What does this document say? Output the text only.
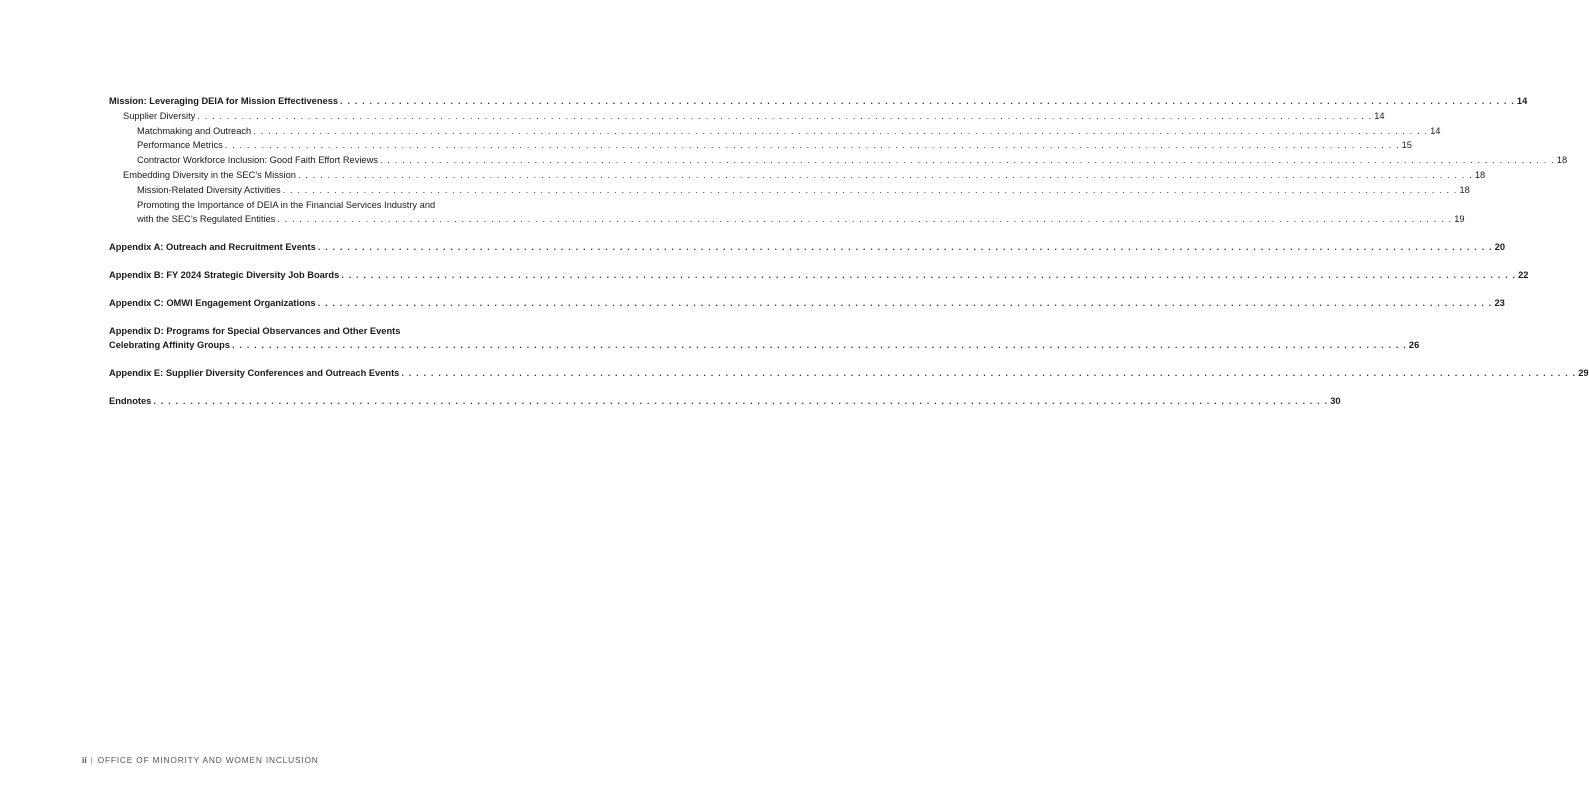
Mission: Leveraging DEIA for Mission Effectiveness . . . . . . . . . . . . . . . . . . . . . . . . . . . . . . . . . . . . . . . . . . . . . . . . . . . . . . . . . . . . . . . . . . . . . . . . . . . . . . . . . . . . . . . . . . . . . . . . . . . . . . . . . . . . . . . . . . . . . . . . . . . . . . . . . . . . . . . . . . . . . . . . . . . . . . . . . . . . . . . . 14
Supplier Diversity . . . . . . . . . . . . . . . . . . . . . . . . . . . . . . . . . . . . . . . . . . . . . . . . . . . . . . . . . . . . . . . . . . . . . . . . . . . . . . . . . . . . . . . . . . . . . . . . . . . . . . . . . . . . . . . . . . . . . . . . . . . . . . . . . . . . . . . . . . . . . . . . . . . . . . . . . . . . . . . . 14
Matchmaking and Outreach . . . . . . . . . . . . . . . . . . . . . . . . . . . . . . . . . . . . . . . . . . . . . . . . . . . . . . . . . . . . . . . . . . . . . . . . . . . . . . . . . . . . . . . . . . . . . . . . . . . . . . . . . . . . . . . . . . . . . . . . . . . . . . . . . . . . . . . . . . . . . . . . . . . . . . . . . . . . . . . . 14
Performance Metrics . . . . . . . . . . . . . . . . . . . . . . . . . . . . . . . . . . . . . . . . . . . . . . . . . . . . . . . . . . . . . . . . . . . . . . . . . . . . . . . . . . . . . . . . . . . . . . . . . . . . . . . . . . . . . . . . . . . . . . . . . . . . . . . . . . . . . . . . . . . . . . . . . . . . . . . . . . . . . . . . 15
Contractor Workforce Inclusion: Good Faith Effort Reviews . . . . . . . . . . . . . . . . . . . . . . . . . . . . . . . . . . . . . . . . . . . . . . . . . . . . . . . . . . . . . . . . . . . . . . . . . . . . . . . . . . . . . . . . . . . . . . . . . . . . . . . . . . . . . . . . . . . . . . . . . . . . . . . . . . . . . . . . . . . . . . . . . . . . . . . . . . . . . . . . 18
Embedding Diversity in the SEC’s Mission . . . . . . . . . . . . . . . . . . . . . . . . . . . . . . . . . . . . . . . . . . . . . . . . . . . . . . . . . . . . . . . . . . . . . . . . . . . . . . . . . . . . . . . . . . . . . . . . . . . . . . . . . . . . . . . . . . . . . . . . . . . . . . . . . . . . . . . . . . . . . . . . . . . . . . . . . . . . . . . . 18
Mission-Related Diversity Activities . . . . . . . . . . . . . . . . . . . . . . . . . . . . . . . . . . . . . . . . . . . . . . . . . . . . . . . . . . . . . . . . . . . . . . . . . . . . . . . . . . . . . . . . . . . . . . . . . . . . . . . . . . . . . . . . . . . . . . . . . . . . . . . . . . . . . . . . . . . . . . . . . . . . . . . . . . . . . . . . 18
Promoting the Importance of DEIA in the Financial Services Industry and
with the SEC’s Regulated Entities . . . . . . . . . . . . . . . . . . . . . . . . . . . . . . . . . . . . . . . . . . . . . . . . . . . . . . . . . . . . . . . . . . . . . . . . . . . . . . . . . . . . . . . . . . . . . . . . . . . . . . . . . . . . . . . . . . . . . . . . . . . . . . . . . . . . . . . . . . . . . . . . . . . . . . . . . . . . . . . . 19
Appendix A: Outreach and Recruitment Events . . . . . . . . . . . . . . . . . . . . . . . . . . . . . . . . . . . . . . . . . . . . . . . . . . . . . . . . . . . . . . . . . . . . . . . . . . . . . . . . . . . . . . . . . . . . . . . . . . . . . . . . . . . . . . . . . . . . . . . . . . . . . . . . . . . . . . . . . . . . . . . . . . . . . . . . . . . . . . . . 20
Appendix B: FY 2024 Strategic Diversity Job Boards . . . . . . . . . . . . . . . . . . . . . . . . . . . . . . . . . . . . . . . . . . . . . . . . . . . . . . . . . . . . . . . . . . . . . . . . . . . . . . . . . . . . . . . . . . . . . . . . . . . . . . . . . . . . . . . . . . . . . . . . . . . . . . . . . . . . . . . . . . . . . . . . . . . . . . . . . . . . . . . . 22
Appendix C: OMWI Engagement Organizations . . . . . . . . . . . . . . . . . . . . . . . . . . . . . . . . . . . . . . . . . . . . . . . . . . . . . . . . . . . . . . . . . . . . . . . . . . . . . . . . . . . . . . . . . . . . . . . . . . . . . . . . . . . . . . . . . . . . . . . . . . . . . . . . . . . . . . . . . . . . . . . . . . . . . . . . . . . . . . . . 23
Appendix D: Programs for Special Observances and Other Events
Celebrating Affinity Groups . . . . . . . . . . . . . . . . . . . . . . . . . . . . . . . . . . . . . . . . . . . . . . . . . . . . . . . . . . . . . . . . . . . . . . . . . . . . . . . . . . . . . . . . . . . . . . . . . . . . . . . . . . . . . . . . . . . . . . . . . . . . . . . . . . . . . . . . . . . . . . . . . . . . . . . . . . . . . . . . 26
Appendix E: Supplier Diversity Conferences and Outreach Events . . . . . . . . . . . . . . . . . . . . . . . . . . . . . . . . . . . . . . . . . . . . . . . . . . . . . . . . . . . . . . . . . . . . . . . . . . . . . . . . . . . . . . . . . . . . . . . . . . . . . . . . . . . . . . . . . . . . . . . . . . . . . . . . . . . . . . . . . . . . . . . . . . . . . . . . . . . . . . . . 29
Endnotes . . . . . . . . . . . . . . . . . . . . . . . . . . . . . . . . . . . . . . . . . . . . . . . . . . . . . . . . . . . . . . . . . . . . . . . . . . . . . . . . . . . . . . . . . . . . . . . . . . . . . . . . . . . . . . . . . . . . . . . . . . . . . . . . . . . . . . . . . . . . . . . . . . . . . . . . . . . . . . . . 30
ii | OFFICE OF MINORITY AND WOMEN INCLUSION
